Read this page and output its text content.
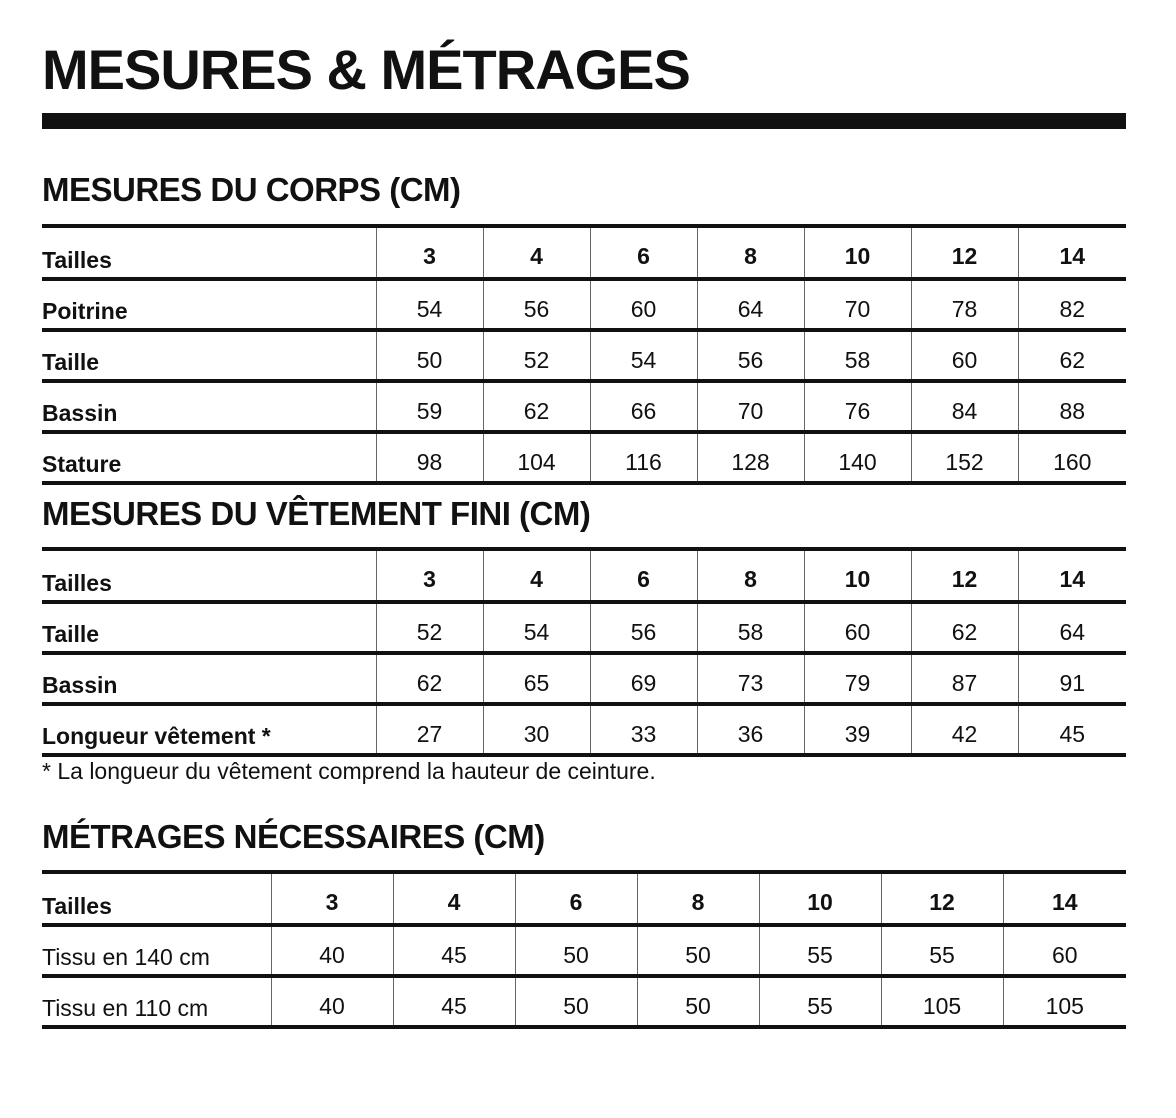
MESURES & MÉTRAGES
MESURES DU CORPS (CM)
Tailles	3	4	6	8	10	12	14
Poitrine	54	56	60	64	70	78	82
Taille	50	52	54	56	58	60	62
Bassin	59	62	66	70	76	84	88
Stature	98	104	116	128	140	152	160
MESURES DU VÊTEMENT FINI (CM)
Tailles	3	4	6	8	10	12	14
Taille	52	54	56	58	60	62	64
Bassin	62	65	69	73	79	87	91
Longueur vêtement *	27	30	33	36	39	42	45

* La longueur du vêtement comprend la hauteur de ceinture.

MÉTRAGES NÉCESSAIRES (CM)
Tailles	3	4	6	8	10	12	14
Tissu en 140 cm	40	45	50	50	55	55	60
Tissu en 110 cm	40	45	50	50	55	105	105
